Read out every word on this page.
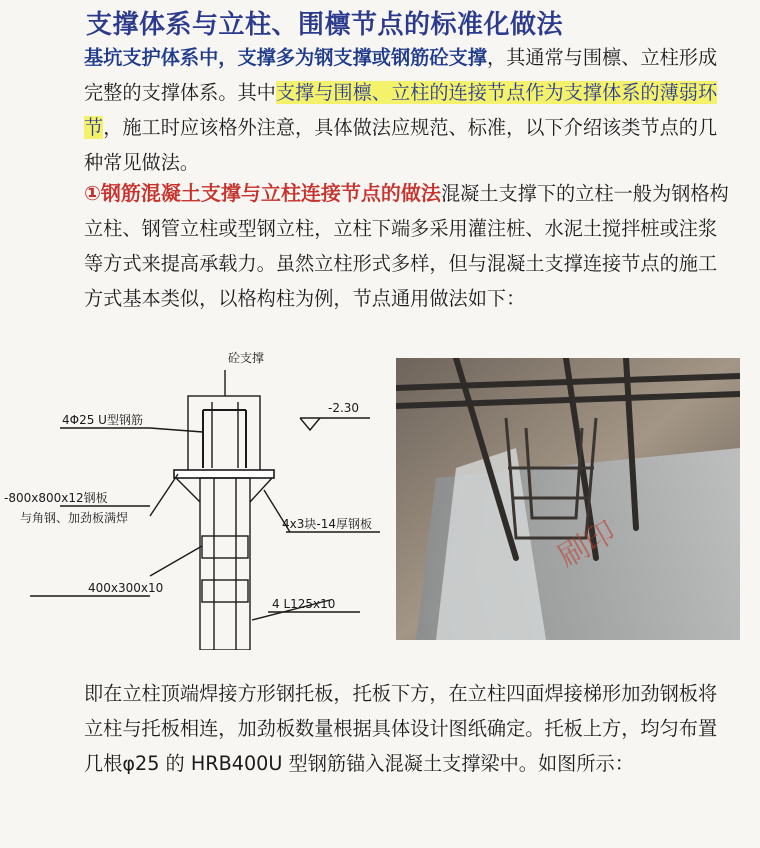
支撑体系与立柱、围檩节点的标准化做法
基坑支护体系中，支撑多为钢支撑或钢筋砼支撑，其通常与围檩、立柱形成完整的支撑体系。其中支撑与围檩、立柱的连接节点作为支撑体系的薄弱环节，施工时应该格外注意，具体做法应规范、标准，以下介绍该类节点的几种常见做法。
①钢筋混凝土支撑与立柱连接节点的做法混凝土支撑下的立柱一般为钢格构立柱、钢管立柱或型钢立柱，立柱下端多采用灌注桩、水泥土搅拌桩或注浆等方式来提高承载力。虽然立柱形式多样，但与混凝土支撑连接节点的施工方式基本类似，以格构柱为例，节点通用做法如下：
砼支撑
4Φ25 U型钢筋
-2.30
-800x800x12钢板
与角钢、加劲板满焊	4x3块-14厚钢板
400x300x10
4 L125x10
刷印
即在立柱顶端焊接方形钢托板，托板下方，在立柱四面焊接梯形加劲钢板将立柱与托板相连，加劲板数量根据具体设计图纸确定。托板上方，均匀布置几根φ25 的 HRB400U 型钢筋锚入混凝土支撑梁中。如图所示：
